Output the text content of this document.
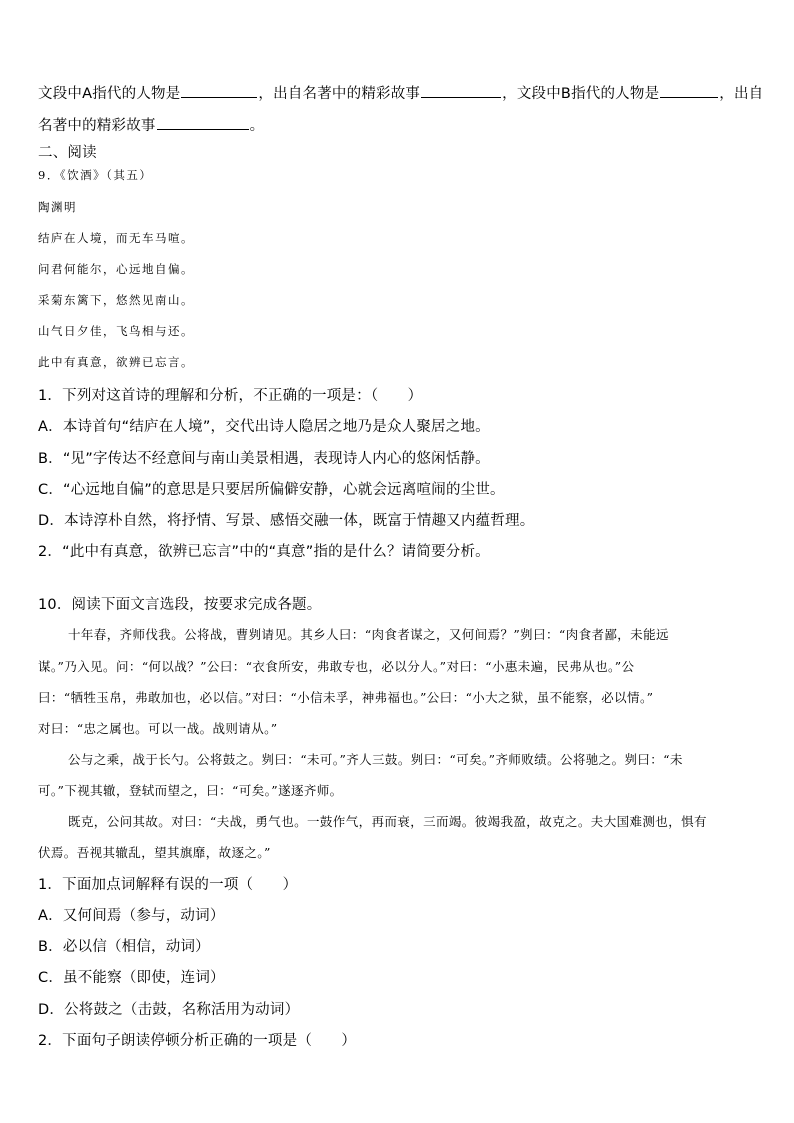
文段中A指代的人物是	，出自名著中的精彩故事	，文段中B指代的人物是	，出自
名著中的精彩故事	。
二、阅读
9．《饮酒》（其五）
陶渊明
结庐在人境，而无车马喧。
问君何能尔，心远地自偏。
采菊东篱下，悠然见南山。
山气日夕佳，飞鸟相与还。
此中有真意，欲辨已忘言。
1．下列对这首诗的理解和分析，不正确的一项是：（　　）
A．本诗首句“结庐在人境”，交代出诗人隐居之地乃是众人聚居之地。
B．“见”字传达不经意间与南山美景相遇，表现诗人内心的悠闲恬静。
C．“心远地自偏”的意思是只要居所偏僻安静，心就会远离喧闹的尘世。
D．本诗淳朴自然，将抒情、写景、感悟交融一体，既富于情趣又内蕴哲理。
2．“此中有真意，欲辨已忘言”中的“真意”指的是什么？请简要分析。
10．阅读下面文言选段，按要求完成各题。
十年春，齐师伐我。公将战，曹刿请见。其乡人曰：“肉食者谋之，又何间焉？”刿曰：“肉食者鄙，未能远
谋。”乃入见。问：“何以战？”公曰：“衣食所安，弗敢专也，必以分人。”对曰：“小惠未遍，民弗从也。”公
曰：“牺牲玉帛，弗敢加也，必以信。”对曰：“小信未孚，神弗福也。”公曰：“小大之狱，虽不能察，必以情。”
对曰：“忠之属也。可以一战。战则请从。”
公与之乘，战于长勺。公将鼓之。刿曰：“未可。”齐人三鼓。刿曰：“可矣。”齐师败绩。公将驰之。刿曰：“未
可。”下视其辙，登轼而望之，曰：“可矣。”遂逐齐师。
既克，公问其故。对曰：“夫战，勇气也。一鼓作气，再而衰，三而竭。彼竭我盈，故克之。夫大国难测也，惧有
伏焉。吾视其辙乱，望其旗靡，故逐之。”
1．下面加点词解释有误的一项（　　）
A．又何间焉（参与，动词）
B．必以信（相信，动词）
C．虽不能察（即使，连词）
D．公将鼓之（击鼓，名称活用为动词）
2．下面句子朗读停顿分析正确的一项是（　　）
